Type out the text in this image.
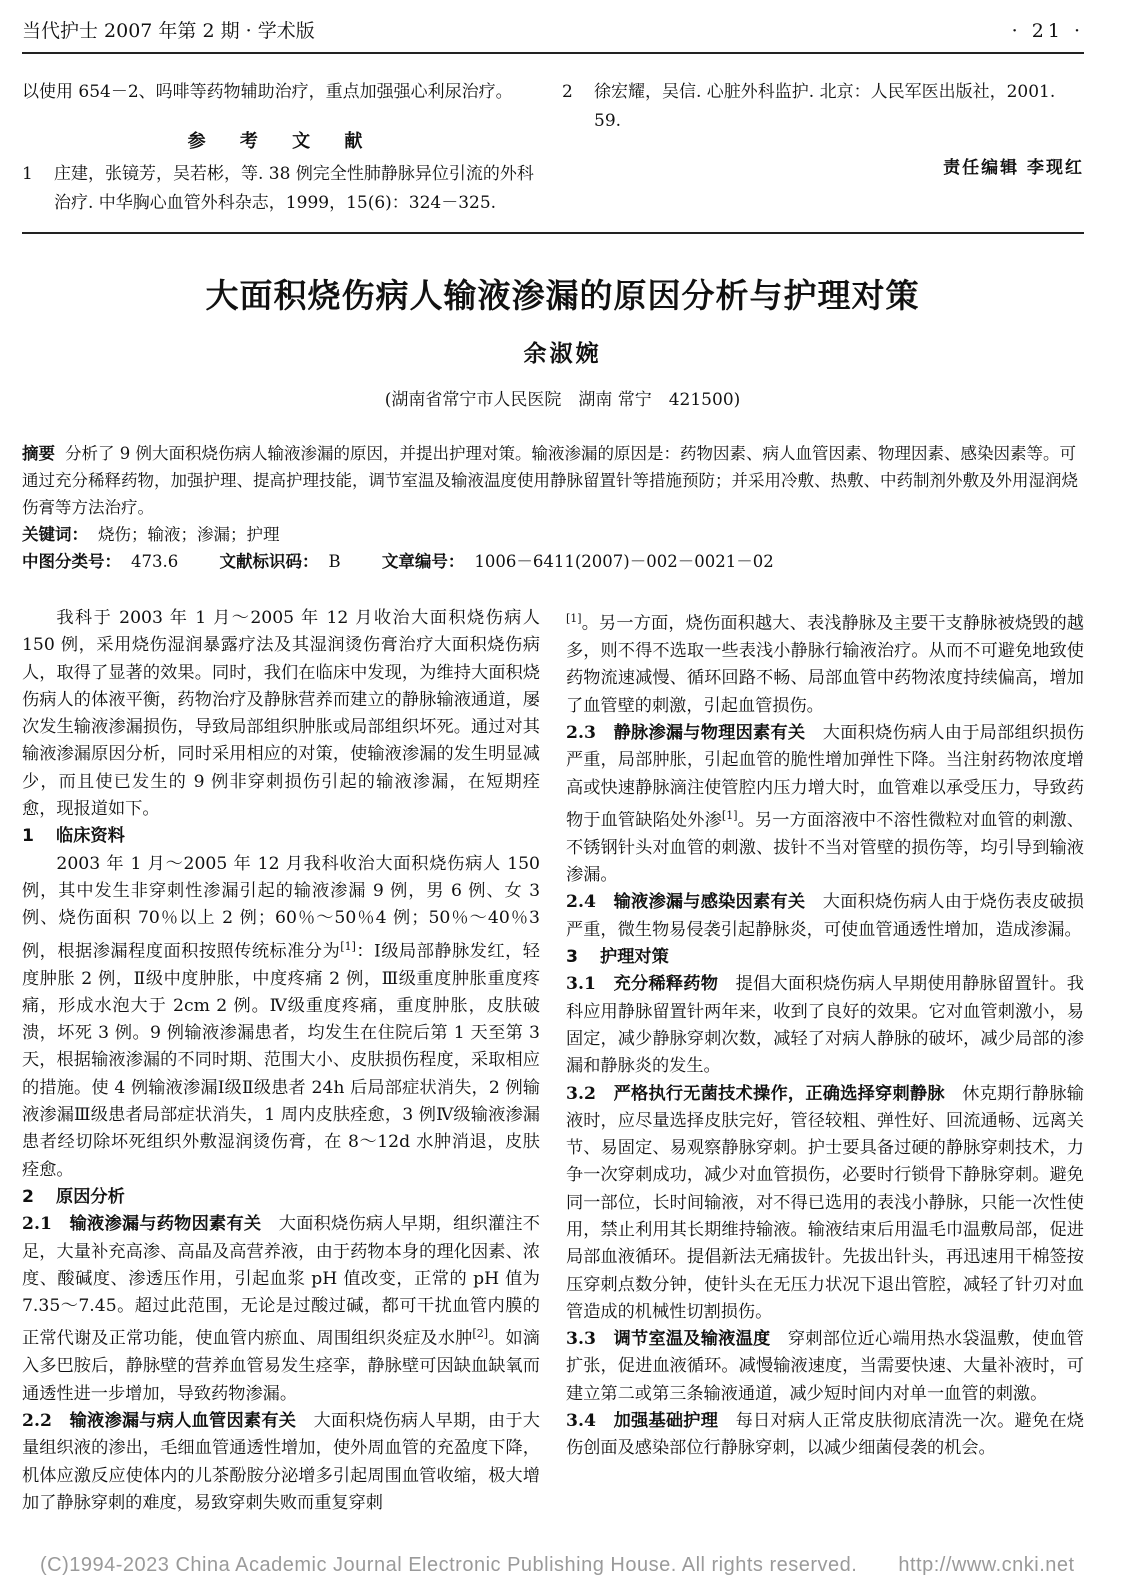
当代护士 2007 年第 2 期 · 学术版	· 21 ·
以使用 654－2、吗啡等药物辅助治疗，重点加强强心利尿治疗。
参 考 文 献
1 庄建，张镜芳，吴若彬，等. 38 例完全性肺静脉异位引流的外科治疗. 中华胸心血管外科杂志，1999，15(6)：324－325.
2 徐宏耀，吴信. 心脏外科监护. 北京：人民军医出版社，2001. 59.
责任编辑 李现红
大面积烧伤病人输液渗漏的原因分析与护理对策
余淑婉
(湖南省常宁市人民医院　湖南 常宁　421500)
摘要 分析了 9 例大面积烧伤病人输液渗漏的原因，并提出护理对策。输液渗漏的原因是：药物因素、病人血管因素、物理因素、感染因素等。可通过充分稀释药物，加强护理、提高护理技能，调节室温及输液温度使用静脉留置针等措施预防；并采用冷敷、热敷、中药制剂外敷及外用湿润烧伤膏等方法治疗。
关键词： 烧伤；输液；渗漏；护理
中图分类号： 473.6	文献标识码： B	文章编号： 1006－6411(2007)－002－0021－02

我科于 2003 年 1 月～2005 年 12 月收治大面积烧伤病人 150 例，采用烧伤湿润暴露疗法及其湿润烫伤膏治疗大面积烧伤病人，取得了显著的效果。同时，我们在临床中发现，为维持大面积烧伤病人的体液平衡，药物治疗及静脉营养而建立的静脉输液通道，屡次发生输液渗漏损伤，导致局部组织肿胀或局部组织坏死。通过对其输液渗漏原因分析，同时采用相应的对策，使输液渗漏的发生明显减少，而且使已发生的 9 例非穿刺损伤引起的输液渗漏，在短期痊愈，现报道如下。

1 临床资料

2003 年 1 月～2005 年 12 月我科收治大面积烧伤病人 150 例，其中发生非穿刺性渗漏引起的输液渗漏 9 例，男 6 例、女 3 例、烧伤面积 70％以上 2 例；60％～50％4 例；50％～40％3 例，根据渗漏程度面积按照传统标准分为[1]：Ⅰ级局部静脉发红，轻度肿胀 2 例，Ⅱ级中度肿胀，中度疼痛 2 例，Ⅲ级重度肿胀重度疼痛，形成水泡大于 2cm 2 例。Ⅳ级重度疼痛，重度肿胀，皮肤破溃，坏死 3 例。9 例输液渗漏患者，均发生在住院后第 1 天至第 3 天，根据输液渗漏的不同时期、范围大小、皮肤损伤程度，采取相应的措施。使 4 例输液渗漏Ⅰ级Ⅱ级患者 24h 后局部症状消失，2 例输液渗漏Ⅲ级患者局部症状消失，1 周内皮肤痊愈，3 例Ⅳ级输液渗漏患者经切除坏死组织外敷湿润烫伤膏，在 8～12d 水肿消退，皮肤痊愈。

2 原因分析

2.1　输液渗漏与药物因素有关　 大面积烧伤病人早期，组织灌注不足，大量补充高渗、高晶及高营养液，由于药物本身的理化因素、浓度、酸碱度、渗透压作用，引起血浆 pH 值改变，正常的 pH 值为 7.35～7.45。超过此范围，无论是过酸过碱，都可干扰血管内膜的正常代谢及正常功能，使血管内瘀血、周围组织炎症及水肿[2]。如滴入多巴胺后，静脉壁的营养血管易发生痉挛，静脉壁可因缺血缺氧而通透性进一步增加，导致药物渗漏。

2.2　输液渗漏与病人血管因素有关　 大面积烧伤病人早期，由于大量组织液的渗出，毛细血管通透性增加，使外周血管的充盈度下降，机体应激反应使体内的儿茶酚胺分泌增多引起周围血管收缩，极大增加了静脉穿刺的难度，易致穿刺失败而重复穿刺

[1]。另一方面，烧伤面积越大、表浅静脉及主要干支静脉被烧毁的越多，则不得不选取一些表浅小静脉行输液治疗。从而不可避免地致使药物流速减慢、循环回路不畅、局部血管中药物浓度持续偏高，增加了血管壁的刺激，引起血管损伤。

2.3　静脉渗漏与物理因素有关　 大面积烧伤病人由于局部组织损伤严重，局部肿胀，引起血管的脆性增加弹性下降。当注射药物浓度增高或快速静脉滴注使管腔内压力增大时，血管难以承受压力，导致药物于血管缺陷处外渗[1]。另一方面溶液中不溶性微粒对血管的刺激、不锈钢针头对血管的刺激、拔针不当对管壁的损伤等，均引导到输液渗漏。

2.4　输液渗漏与感染因素有关　 大面积烧伤病人由于烧伤表皮破损严重，微生物易侵袭引起静脉炎，可使血管通透性增加，造成渗漏。

3 护理对策

3.1　充分稀释药物　 提倡大面积烧伤病人早期使用静脉留置针。我科应用静脉留置针两年来，收到了良好的效果。它对血管刺激小，易固定，减少静脉穿刺次数，减轻了对病人静脉的破坏，减少局部的渗漏和静脉炎的发生。

3.2　严格执行无菌技术操作，正确选择穿刺静脉　 休克期行静脉输液时，应尽量选择皮肤完好，管径较粗、弹性好、回流通畅、远离关节、易固定、易观察静脉穿刺。护士要具备过硬的静脉穿刺技术，力争一次穿刺成功，减少对血管损伤，必要时行锁骨下静脉穿刺。避免同一部位，长时间输液，对不得已选用的表浅小静脉，只能一次性使用，禁止利用其长期维持输液。输液结束后用温毛巾温敷局部，促进局部血液循环。提倡新法无痛拔针。先拔出针头，再迅速用干棉签按压穿刺点数分钟，使针头在无压力状况下退出管腔，减轻了针刃对血管造成的机械性切割损伤。

3.3　调节室温及输液温度　 穿刺部位近心端用热水袋温敷，使血管扩张，促进血液循环。减慢输液速度，当需要快速、大量补液时，可建立第二或第三条输液通道，减少短时间内对单一血管的刺激。

3.4　加强基础护理　 每日对病人正常皮肤彻底清洗一次。避免在烧伤创面及感染部位行静脉穿刺，以减少细菌侵袭的机会。

(C)1994-2023 China Academic Journal Electronic Publishing House. All rights reserved.　　http://www.cnki.net
